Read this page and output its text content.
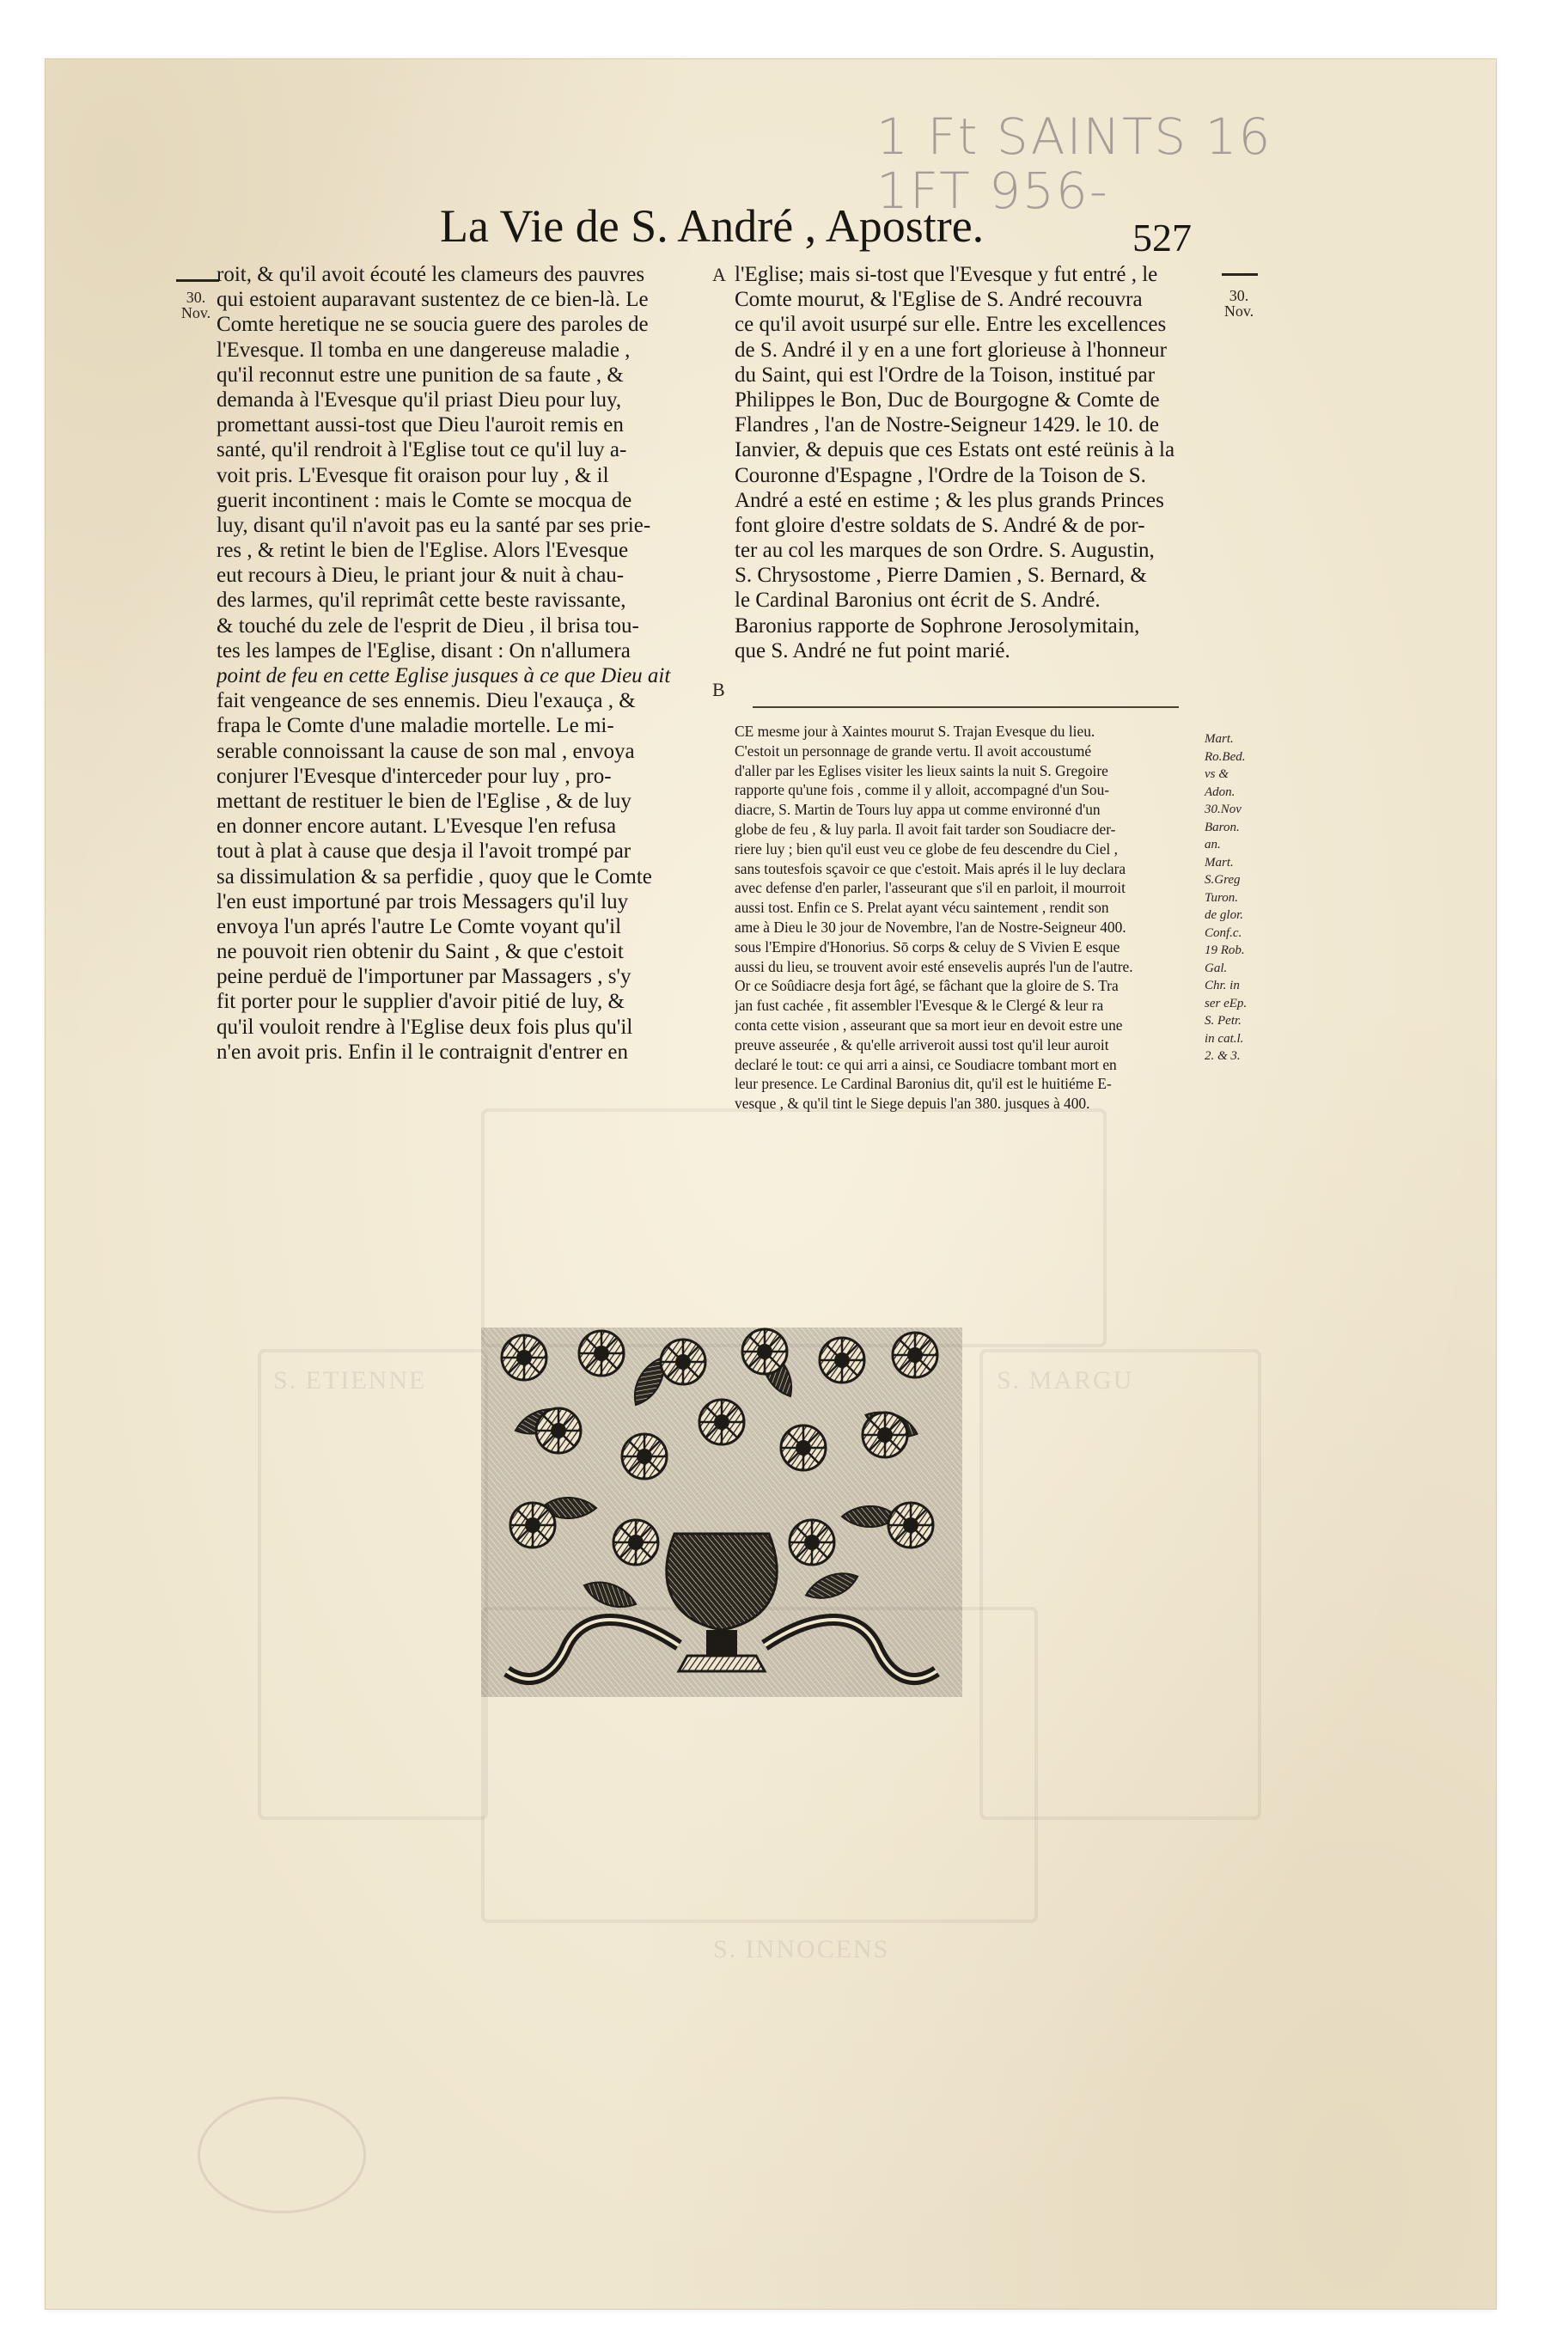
S. ETIENNE	S. MARGU
S. INNOCENS
1 Ft SAINTS 16
1FT 956-
La Vie de S. André , Apostre.	527
30. Nov.
30. Nov.
A
B
roit, & qu'il avoit écouté les clameurs des pauvres
qui estoient auparavant sustentez de ce bien-là. Le
Comte heretique ne se soucia guere des paroles de
l'Evesque. Il tomba en une dangereuse maladie ,
qu'il reconnut estre une punition de sa faute , &
demanda à l'Evesque qu'il priast Dieu pour luy,
promettant aussi-tost que Dieu l'auroit remis en
santé, qu'il rendroit à l'Eglise tout ce qu'il luy a-
voit pris. L'Evesque fit oraison pour luy , & il
guerit incontinent : mais le Comte se mocqua de
luy, disant qu'il n'avoit pas eu la santé par ses prie-
res , & retint le bien de l'Eglise. Alors l'Evesque
eut recours à Dieu, le priant jour & nuit à chau-
des larmes, qu'il reprimât cette beste ravissante,
& touché du zele de l'esprit de Dieu , il brisa tou-
tes les lampes de l'Eglise, disant : On n'allumera
point de feu en cette Eglise jusques à ce que Dieu ait
fait vengeance de ses ennemis. Dieu l'exauça , &
frapa le Comte d'une maladie mortelle. Le mi-
serable connoissant la cause de son mal , envoya
conjurer l'Evesque d'interceder pour luy , pro-
mettant de restituer le bien de l'Eglise , & de luy
en donner encore autant. L'Evesque l'en refusa
tout à plat à cause que desja il l'avoit trompé par
sa dissimulation & sa perfidie , quoy que le Comte
l'en eust importuné par trois Messagers qu'il luy
envoya l'un aprés l'autre Le Comte voyant qu'il
ne pouvoit rien obtenir du Saint , & que c'estoit
peine perduë de l'importuner par Massagers , s'y
fit porter pour le supplier d'avoir pitié de luy, &
qu'il vouloit rendre à l'Eglise deux fois plus qu'il
n'en avoit pris. Enfin il le contraignit d'entrer en
l'Eglise; mais si-tost que l'Evesque y fut entré , le
Comte mourut, & l'Eglise de S. André recouvra
ce qu'il avoit usurpé sur elle. Entre les excellences
de S. André il y en a une fort glorieuse à l'honneur
du Saint, qui est l'Ordre de la Toison, institué par
Philippes le Bon, Duc de Bourgogne & Comte de
Flandres , l'an de Nostre-Seigneur 1429. le 10. de
Ianvier, & depuis que ces Estats ont esté reünis à la
Couronne d'Espagne , l'Ordre de la Toison de S.
André a esté en estime ; & les plus grands Princes
font gloire d'estre soldats de S. André & de por-
ter au col les marques de son Ordre. S. Augustin,
S. Chrysostome , Pierre Damien , S. Bernard, &
le Cardinal Baronius ont écrit de S. André.
Baronius rapporte de Sophrone Jerosolymitain,
que S. André ne fut point marié.
CE mesme jour à Xaintes mourut S. Trajan Evesque du lieu.
C'estoit un personnage de grande vertu. Il avoit accoustumé
d'aller par les Eglises visiter les lieux saints la nuit S. Gregoire
rapporte qu'une fois , comme il y alloit, accompagné d'un Sou-
diacre, S. Martin de Tours luy appa ut comme environné d'un
globe de feu , & luy parla. Il avoit fait tarder son Soudiacre der-
riere luy ; bien qu'il eust veu ce globe de feu descendre du Ciel ,
sans toutesfois sçavoir ce que c'estoit. Mais aprés il le luy declara
avec defense d'en parler, l'asseurant que s'il en parloit, il mourroit
aussi tost. Enfin ce S. Prelat ayant vécu saintement , rendit son
ame à Dieu le 30 jour de Novembre, l'an de Nostre-Seigneur 400.
sous l'Empire d'Honorius. Sō corps & celuy de S Vivien E esque
aussi du lieu, se trouvent avoir esté ensevelis auprés l'un de l'autre.
Or ce Soûdiacre desja fort âgé, se fâchant que la gloire de S. Tra
jan fust cachée , fit assembler l'Evesque & le Clergé & leur ra
conta cette vision , asseurant que sa mort ieur en devoit estre une
preuve asseurée , & qu'elle arriveroit aussi tost qu'il leur auroit
declaré le tout: ce qui arri a ainsi, ce Soudiacre tombant mort en
leur presence. Le Cardinal Baronius dit, qu'il est le huitiéme E-
vesque , & qu'il tint le Siege depuis l'an 380. jusques à 400.
Mart.
Ro.Bed.
vs &
Adon.
30.Nov
Baron.
an.
Mart.
S.Greg
Turon.
de glor.
Conf.c.
19 Rob.
Gal.
Chr. in
ser eEp.
S. Petr.
in cat.l.
2. & 3.
